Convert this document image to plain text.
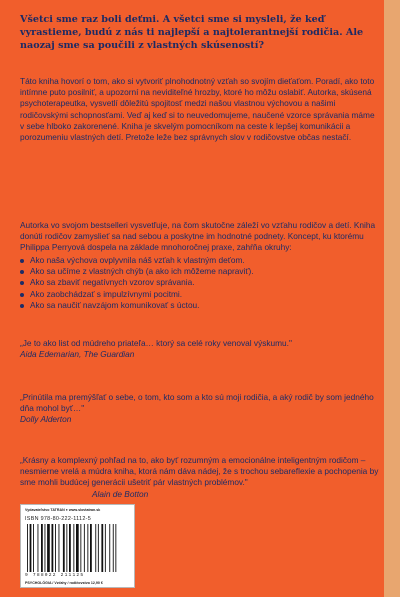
Všetci sme raz boli deťmi. A všetci sme si mysleli, že keď vyrastieme, budú z nás ti najlepší a najtolerantnejší rodičia. Ale naozaj sme sa poučili z vlastných skúseností?

Táto kniha hovorí o tom, ako si vytvoriť plnohodnotný vzťah so svojím dieťaťom. Poradí, ako toto intímne puto posilniť, a upozorní na neviditeľné hrozby, ktoré ho môžu oslabiť. Autorka, skúsená psychoterapeutka, vysvetlí dôležitú spojitosť medzi našou vlastnou výchovou a našimi rodičovskými schopnosťami. Veď aj keď si to neuvedomujeme, naučené vzorce správania máme v sebe hlboko zakorenené. Kniha je skvelým pomocníkom na ceste k lepšej komunikácii a porozumeniu vlastných detí. Pretože leže bez správnych slov v rodičovstve občas nestačí.

Autorka vo svojom bestselleri vysvetľuje, na čom skutočne záleží vo vzťahu rodičov a detí. Kniha donúti rodičov zamyslieť sa nad sebou a poskytne im hodnotné podnety. Koncept, ku ktorému Philippa Perryová dospela na základe mnohoročnej praxe, zahŕňa okruhy:

Ako naša výchova ovplyvnila náš vzťah k vlastným deťom.
Ako sa učíme z vlastných chýb (a ako ich môžeme napraviť).
Ako sa zbaviť negatívnych vzorov správania.
Ako zaobchádzať s impulzívnymi pocitmi.
Ako sa naučiť navzájom komunikovať s úctou.
„Je to ako list od múdreho priateľa… ktorý sa celé roky venoval výskumu."
Aida Edemarian, The Guardian
„Prinútila ma premýšľať o sebe, o tom, kto som a kto sú moji rodičia, a aký rodič by som jedného dňa mohol byť…"
Dolly Alderton
„Krásny a komplexný pohľad na to, ako byť rozumným a emocionálne inteligentným rodičom – nesmierne vrelá a múdra kniha, ktorá nám dáva nádej, že s trochou sebareflexie a pochopenia by sme mohli budúcej generácii ušetriť pár vlastných problémov."
Alain de Botton
Vydavateľstvo TATRAN ● www.slovtatran.sk
ISBN 978-80-222-1112-5
9 788022 211125
PSYCHOLÓGIA / Vzťahy / rodičovstvo 12,90 €
